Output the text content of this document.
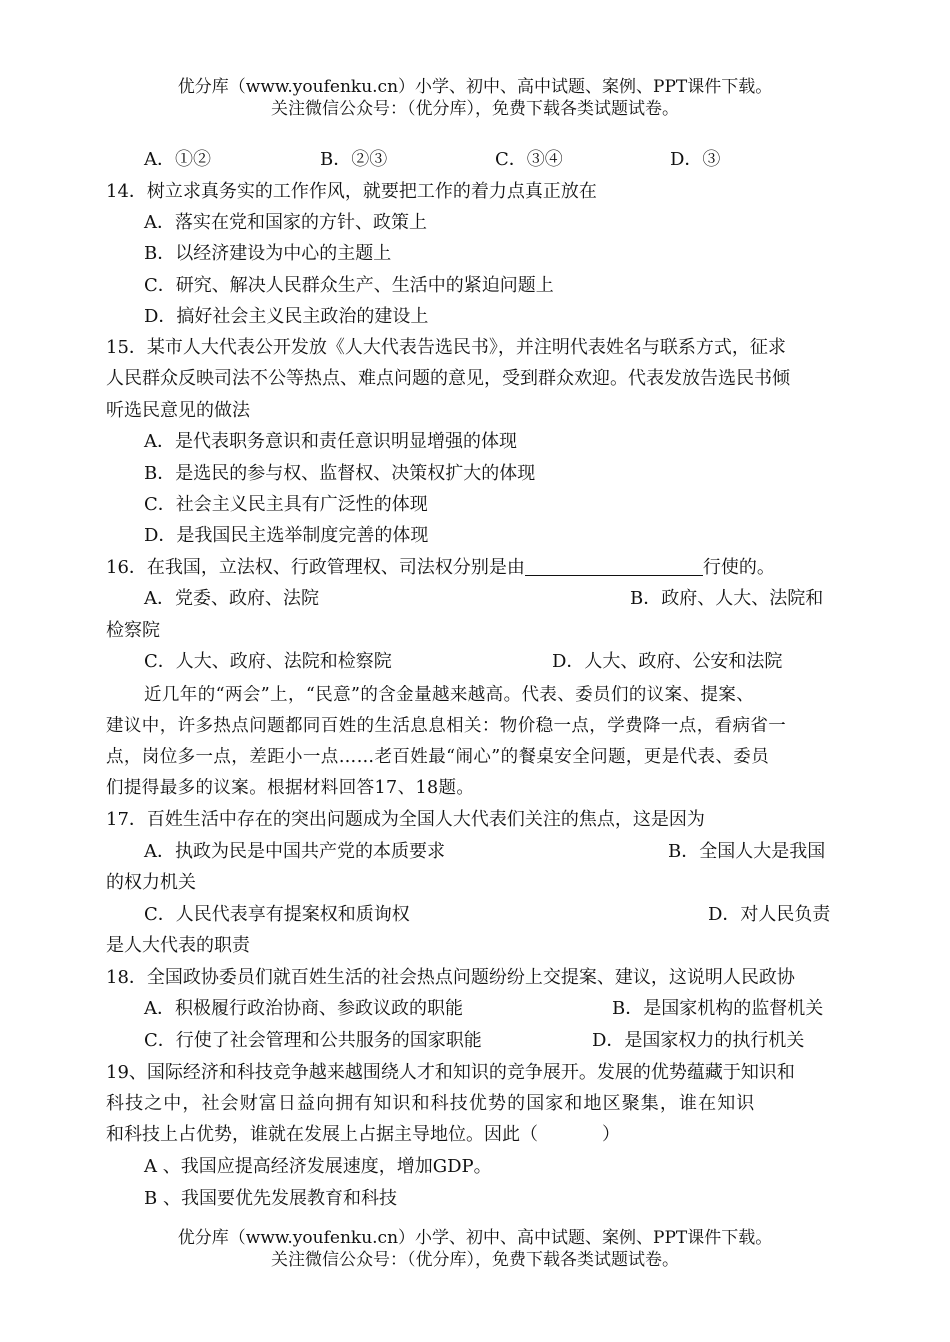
优分库（www.youfenku.cn）小学、初中、高中试题、案例、PPT课件下载。
关注微信公众号：（优分库），免费下载各类试题试卷。
A．①②	B．②③	C．③④	D．③
14．树立求真务实的工作作风，就要把工作的着力点真正放在
A．落实在党和国家的方针、政策上
B．以经济建设为中心的主题上
C．研究、解决人民群众生产、生活中的紧迫问题上
D．搞好社会主义民主政治的建设上
15．某市人大代表公开发放《人大代表告选民书》，并注明代表姓名与联系方式，征求
人民群众反映司法不公等热点、难点问题的意见，受到群众欢迎。代表发放告选民书倾
听选民意见的做法
A．是代表职务意识和责任意识明显增强的体现
B．是选民的参与权、监督权、决策权扩大的体现
C．社会主义民主具有广泛性的体现
D．是我国民主选举制度完善的体现
16．在我国，立法权、行政管理权、司法权分别是由	行使的。
A．党委、政府、法院	B．政府、人大、法院和
检察院
C．人大、政府、法院和检察院	D．人大、政府、公安和法院
近几年的“两会”上，“民意”的含金量越来越高。代表、委员们的议案、提案、
建议中，许多热点问题都同百姓的生活息息相关：物价稳一点，学费降一点，看病省一
点，岗位多一点，差距小一点……老百姓最“闹心”的餐桌安全问题，更是代表、委员
们提得最多的议案。根据材料回答17、18题。
17．百姓生活中存在的突出问题成为全国人大代表们关注的焦点，这是因为
A．执政为民是中国共产党的本质要求	B．全国人大是我国
的权力机关
C．人民代表享有提案权和质询权	D．对人民负责
是人大代表的职责
18．全国政协委员们就百姓生活的社会热点问题纷纷上交提案、建议，这说明人民政协
A．积极履行政治协商、参政议政的职能	B．是国家机构的监督机关
C．行使了社会管理和公共服务的国家职能	D．是国家权力的执行机关
19、国际经济和科技竞争越来越围绕人才和知识的竞争展开。发展的优势蕴藏于知识和
科技之中，社会财富日益向拥有知识和科技优势的国家和地区聚集，谁在知识
和科技上占优势，谁就在发展上占据主导地位。因此（	）
A 、我国应提高经济发展速度，增加GDP。
B 、我国要优先发展教育和科技
优分库（www.youfenku.cn）小学、初中、高中试题、案例、PPT课件下载。
关注微信公众号：（优分库），免费下载各类试题试卷。
